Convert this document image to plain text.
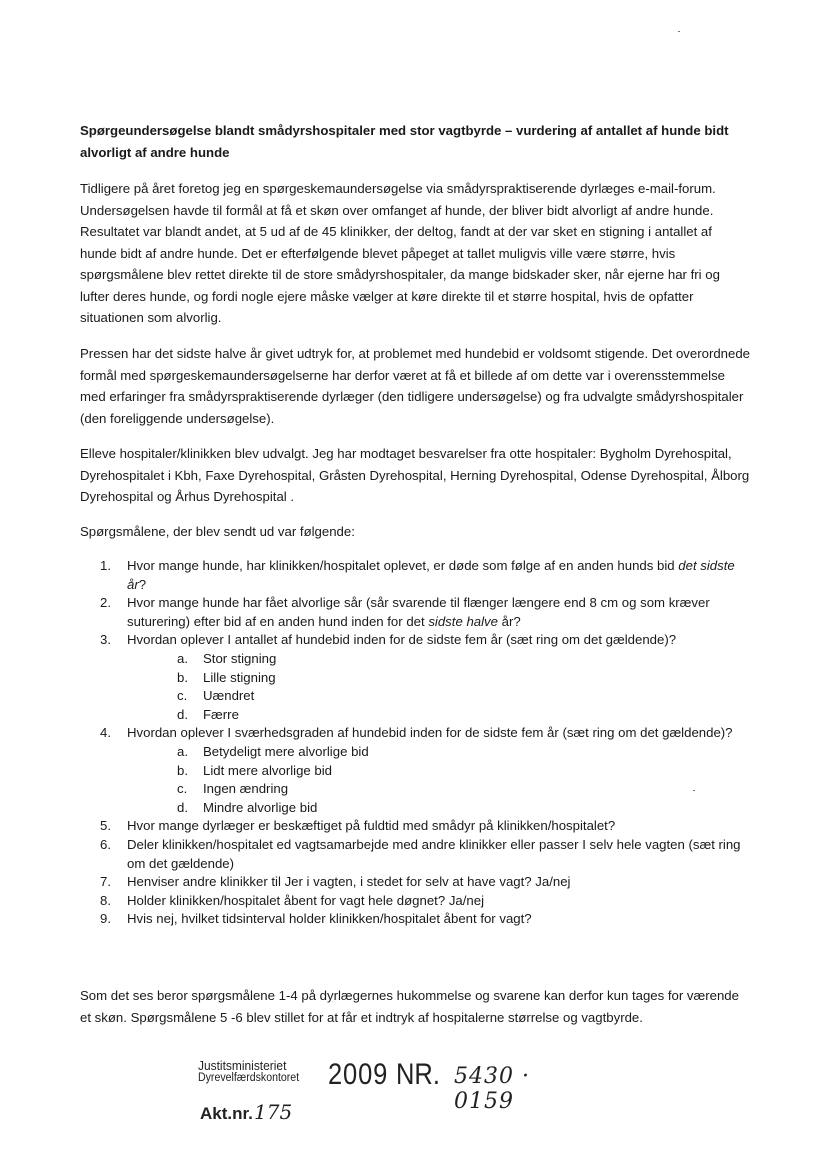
Spørgeundersøgelse blandt smådyrshospitaler med stor vagtbyrde – vurdering af antallet af hunde bidt alvorligt af andre hunde

Tidligere på året foretog jeg en spørgeskemaundersøgelse via smådyrspraktiserende dyrlæges e-mail-forum. Undersøgelsen havde til formål at få et skøn over omfanget af hunde, der bliver bidt alvorligt af andre hunde. Resultatet var blandt andet, at 5 ud af de 45 klinikker, der deltog, fandt at der var sket en stigning i antallet af hunde bidt af andre hunde. Det er efterfølgende blevet påpeget at tallet muligvis ville være større, hvis spørgsmålene blev rettet direkte til de store smådyrshospitaler, da mange bidskader sker, når ejerne har fri og lufter deres hunde, og fordi nogle ejere måske vælger at køre direkte til et større hospital, hvis de opfatter situationen som alvorlig.

Pressen har det sidste halve år givet udtryk for, at problemet med hundebid er voldsomt stigende. Det overordnede formål med spørgeskemaundersøgelserne har derfor været at få et billede af om dette var i overensstemmelse med erfaringer fra smådyrspraktiserende dyrlæger (den tidligere undersøgelse) og fra udvalgte smådyrshospitaler (den foreliggende undersøgelse).

Elleve hospitaler/klinikken blev udvalgt. Jeg har modtaget besvarelser fra otte hospitaler: Bygholm Dyrehospital, Dyrehospitalet i Kbh, Faxe Dyrehospital, Gråsten Dyrehospital, Herning Dyrehospital, Odense Dyrehospital, Ålborg Dyrehospital og Århus Dyrehospital .

Spørgsmålene, der blev sendt ud var følgende:

1. Hvor mange hunde, har klinikken/hospitalet oplevet, er døde som følge af en anden hunds bid det sidste år?
2. Hvor mange hunde har fået alvorlige sår (sår svarende til flænger længere end 8 cm og som kræver suturering) efter bid af en anden hund inden for det sidste halve år?
3. Hvordan oplever I antallet af hundebid inden for de sidste fem år (sæt ring om det gældende)?
a. Stor stigning
b. Lille stigning
c. Uændret
d. Færre
4. Hvordan oplever I sværhedsgraden af hundebid inden for de sidste fem år (sæt ring om det gældende)?
a. Betydeligt mere alvorlige bid
b. Lidt mere alvorlige bid
c. Ingen ændring
d. Mindre alvorlige bid
5. Hvor mange dyrlæger er beskæftiget på fuldtid med smådyr på klinikken/hospitalet?
6. Deler klinikken/hospitalet ed vagtsamarbejde med andre klinikker eller passer I selv hele vagten (sæt ring om det gældende)
7. Henviser andre klinikker til Jer i vagten, i stedet for selv at have vagt? Ja/nej
8. Holder klinikken/hospitalet åbent for vagt hele døgnet? Ja/nej
9. Hvis nej, hvilket tidsinterval holder klinikken/hospitalet åbent for vagt?

Som det ses beror spørgsmålene 1-4 på dyrlægernes hukommelse og svarene kan derfor kun tages for værende et skøn. Spørgsmålene 5 -6 blev stillet for at får et indtryk af hospitalerne størrelse og vagtbyrde.

Justitsministeriet
Dyrevelfærdskontoret 2009 NR. 5430 · 0159
Akt.nr. 175
